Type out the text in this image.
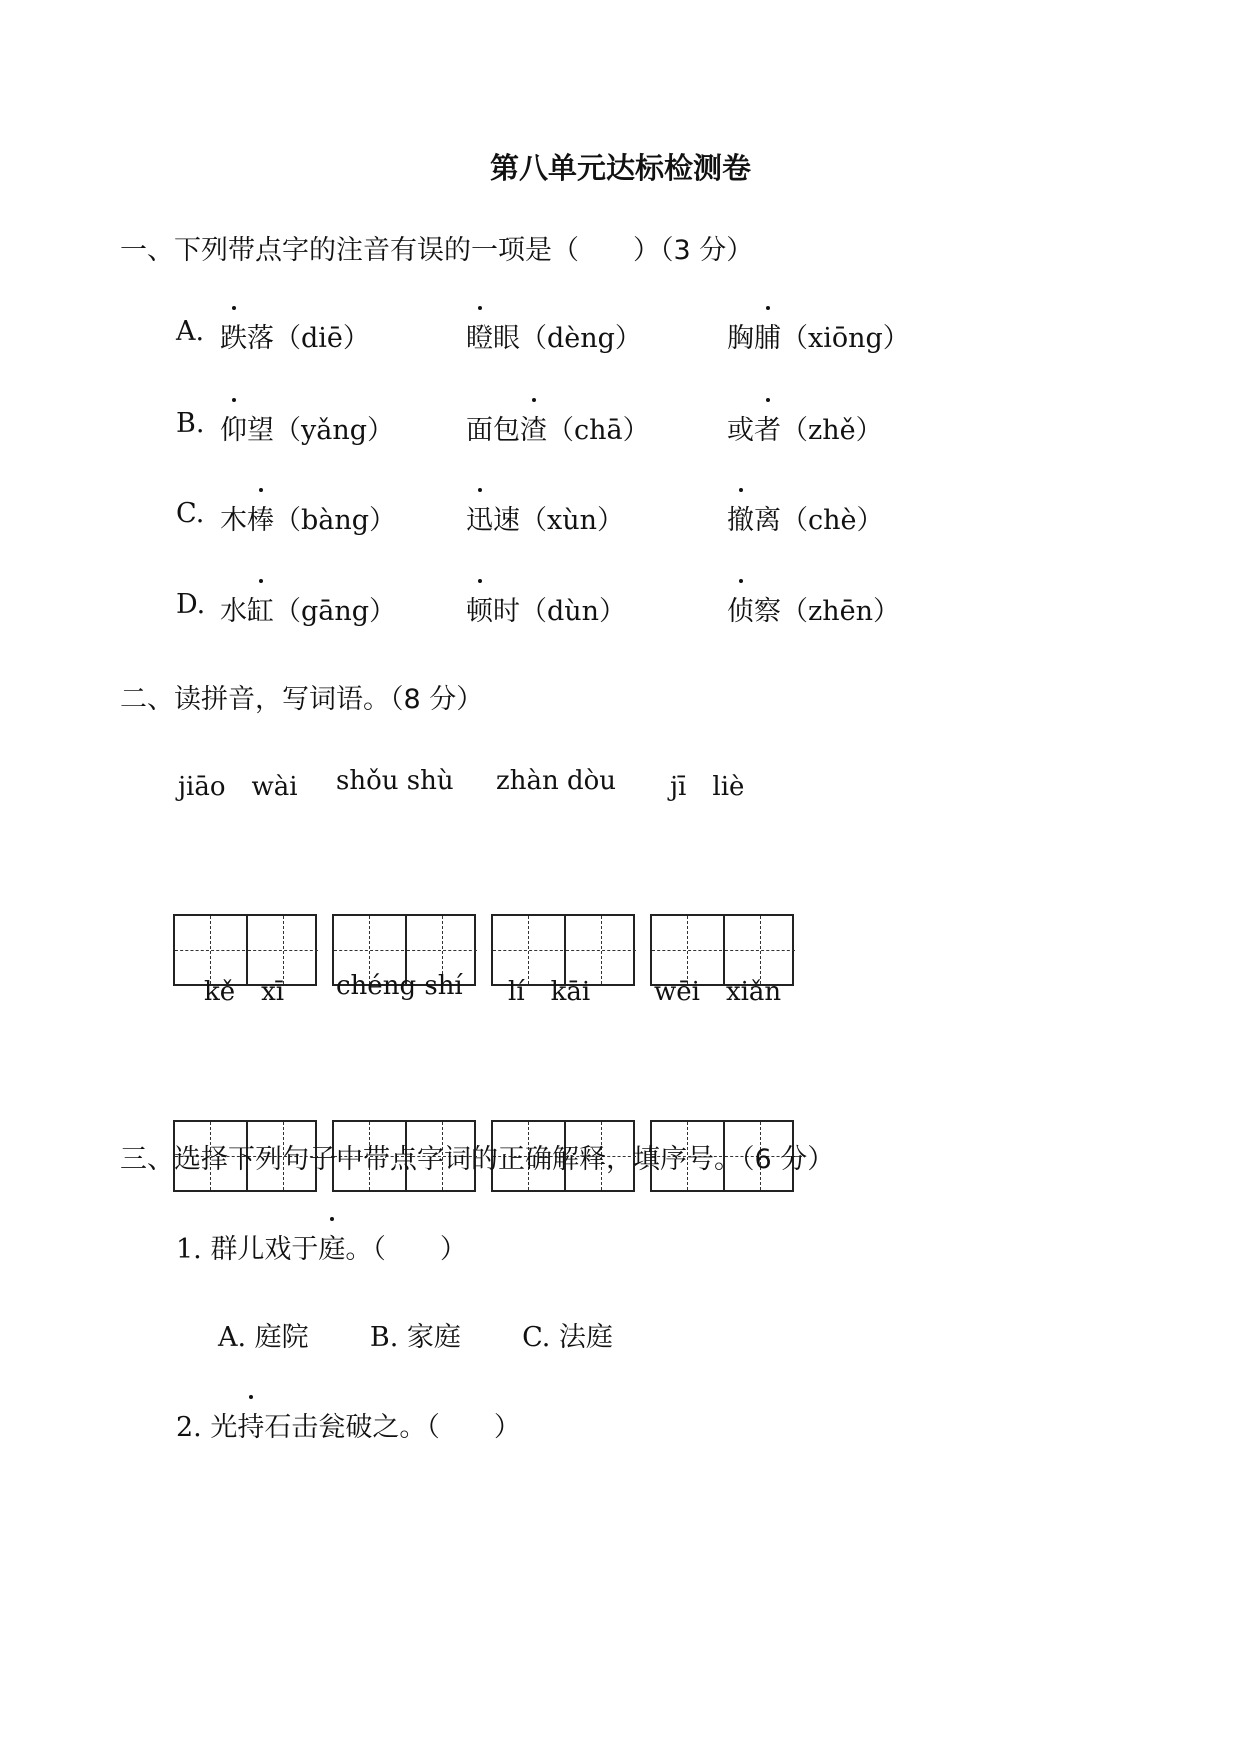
第八单元达标检测卷
一、下列带点字的注音有误的一项是（　　）（3 分）
A. 跌落（diē）	瞪眼（dèng）	胸脯（xiōng）
B. 仰望（yǎng）	面包渣（chā）	或者（zhě）
C. 木棒（bàng）	迅速（xùn）	撤离（chè）
D. 水缸（gāng）	顿时（dùn）	侦察（zhēn）
二、读拼音，写词语。（8 分）
jiāo　wài shǒu shù zhàn dòu jī　liè
kě　xī chéng shí lí　kāi wēi　xiǎn
三、选择下列句子中带点字词的正确解释，填序号。（6 分）
1. 群儿戏于庭。（　　）
A. 庭院 B. 家庭 C. 法庭
2. 光持石击瓮破之。（　　）
